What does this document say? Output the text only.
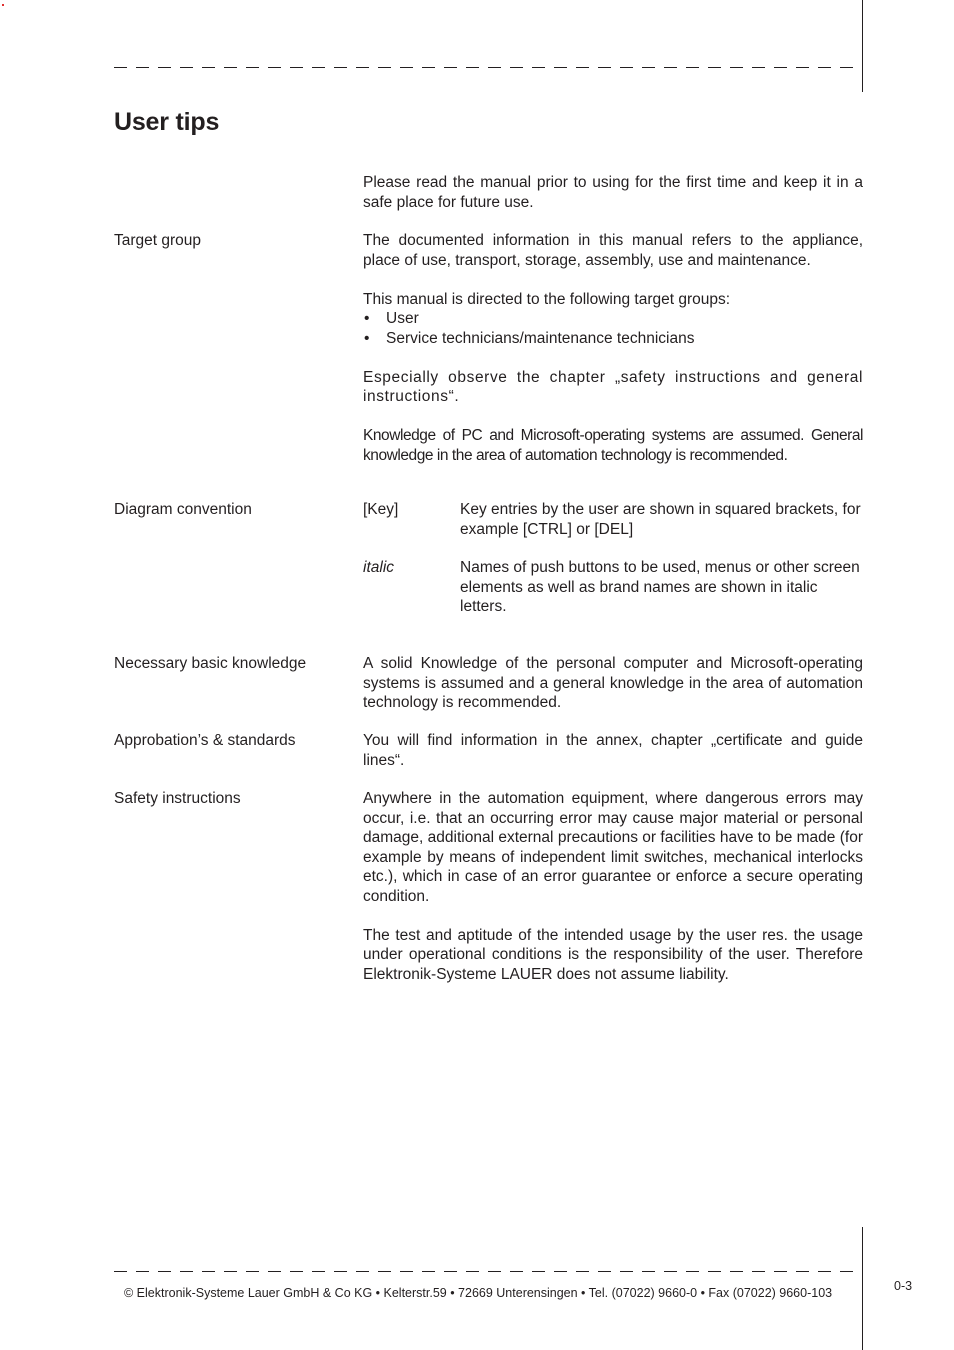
User tips

Please read the manual prior to using for the first time and keep it in a safe place for future use.

Target group	The documented information in this manual refers to the appliance, place of use, transport, storage, assembly, use and maintenance.

This manual is directed to the following target groups:

• User
• Service technicians/maintenance technicians

Especially observe the chapter „safety instructions and general instructions“.

Knowledge of PC and Microsoft-operating systems are assumed. General knowledge in the area of automation technology is recommended.

Diagram convention	[Key]	Key entries by the user are shown in squared brackets, for example [CTRL] or [DEL]
italic	Names of push buttons to be used, menus or other screen elements as well as brand names are shown in italic letters.
Necessary basic knowledge	A solid Knowledge of the personal computer and Microsoft-operating systems is assumed and a general knowledge in the area of automation technology is recommended.

Approbation’s & standards	You will find information in the annex, chapter „certificate and guide lines“.

Safety instructions	Anywhere in the automation equipment, where dangerous errors may occur, i.e. that an occurring error may cause major material or personal damage, additional external precautions or facilities have to be made (for example by means of independent limit switches, mechanical interlocks etc.), which in case of an error guarantee or enforce a secure operating condition.

The test and aptitude of the intended usage by the user res. the usage under operational conditions is the responsibility of the user. Therefore Elektronik-Systeme LAUER does not assume liability.

© Elektronik-Systeme Lauer GmbH & Co KG • Kelterstr.59 • 72669 Unterensingen • Tel. (07022) 9660-0 • Fax (07022) 9660-103	0-3
